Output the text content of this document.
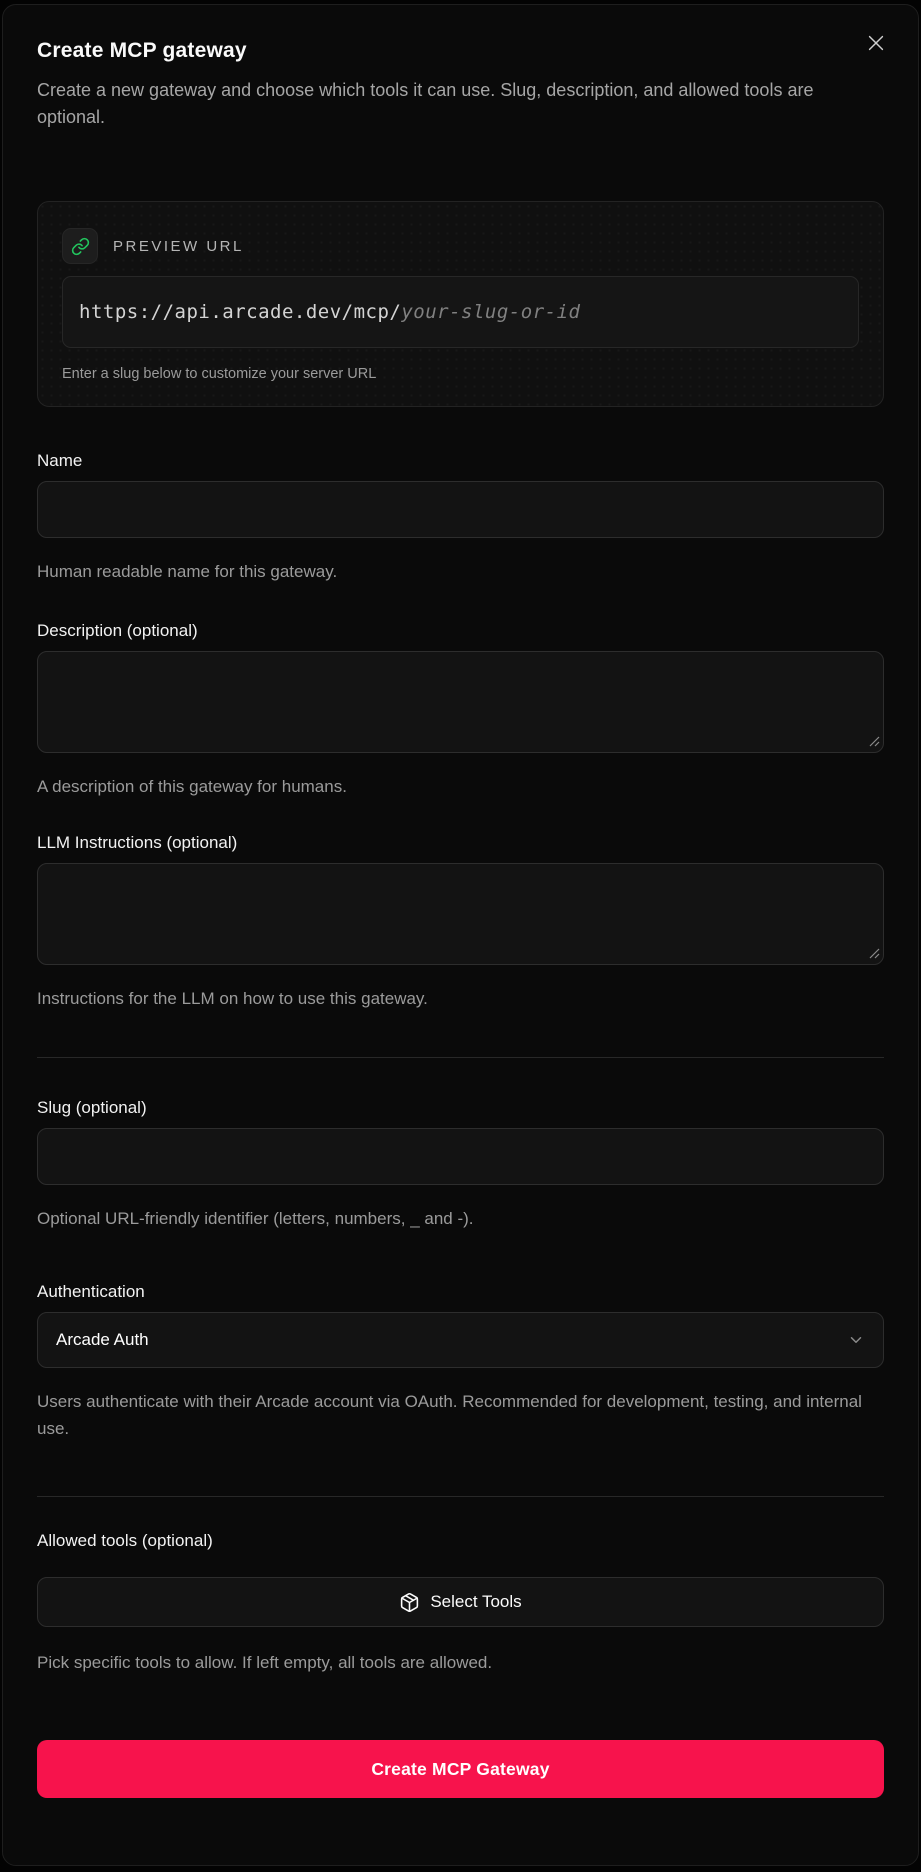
Create MCP gateway
Create a new gateway and choose which tools it can use. Slug, description, and allowed tools are optional.
PREVIEW URL
https://api.arcade.dev/mcp/your-slug-or-id
Enter a slug below to customize your server URL
Name
Human readable name for this gateway.
Description (optional)
A description of this gateway for humans.
LLM Instructions (optional)
Instructions for the LLM on how to use this gateway.
Slug (optional)
Optional URL-friendly identifier (letters, numbers, _ and -).
Authentication
Arcade Auth
Users authenticate with their Arcade account via OAuth. Recommended for development, testing, and internal use.
Allowed tools (optional)
Select Tools
Pick specific tools to allow. If left empty, all tools are allowed.
Create MCP Gateway
